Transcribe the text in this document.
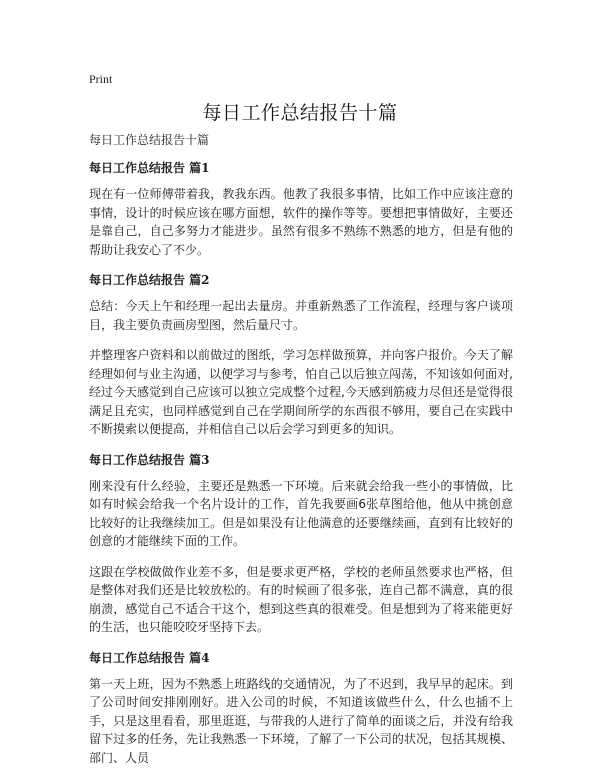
Print
每日工作总结报告十篇
每日工作总结报告十篇
每日工作总结报告 篇1

现在有一位师傅带着我，教我东西。他教了我很多事情，比如工作中应该注意的事情，设计的时候应该在哪方面想，软件的操作等等。要想把事情做好，主要还是靠自己，自己多努力才能进步。虽然有很多不熟练不熟悉的地方，但是有他的帮助让我安心了不少。

每日工作总结报告 篇2

总结：今天上午和经理一起出去量房。并重新熟悉了工作流程，经理与客户谈项目，我主要负责画房型图，然后量尺寸。

并整理客户资料和以前做过的图纸，学习怎样做预算，并向客户报价。今天了解经理如何与业主沟通，以便学习与参考，怕自己以后独立闯荡，不知该如何面对,经过今天感觉到自己应该可以独立完成整个过程,今天感到筋疲力尽但还是觉得很满足且充实，也同样感觉到自己在学期间所学的东西很不够用，要自己在实践中不断摸索以便提高，并相信自己以后会学习到更多的知识。

每日工作总结报告 篇3

刚来没有什么经验，主要还是熟悉一下环境。后来就会给我一些小的事情做，比如有时候会给我一个名片设计的工作，首先我要画6张草图给他，他从中挑创意比较好的让我继续加工。但是如果没有让他满意的还要继续画，直到有比较好的创意的才能继续下面的工作。

这跟在学校做做作业差不多，但是要求更严格，学校的老师虽然要求也严格，但是整体对我们还是比较放松的。有的时候画了很多张，连自己都不满意，真的很崩溃，感觉自己不适合干这个，想到这些真的很难受。但是想到为了将来能更好的生活，也只能咬咬牙坚持下去。

每日工作总结报告 篇4

第一天上班，因为不熟悉上班路线的交通情况，为了不迟到，我早早的起床。到了公司时间安排刚刚好。进入公司的时候，不知道该做些什么，什么也插不上手，只是这里看看，那里逛逛，与带我的人进行了简单的面谈之后，并没有给我留下过多的任务，先让我熟悉一下环境，了解了一下公司的状况，包括其规模、部门、人员
